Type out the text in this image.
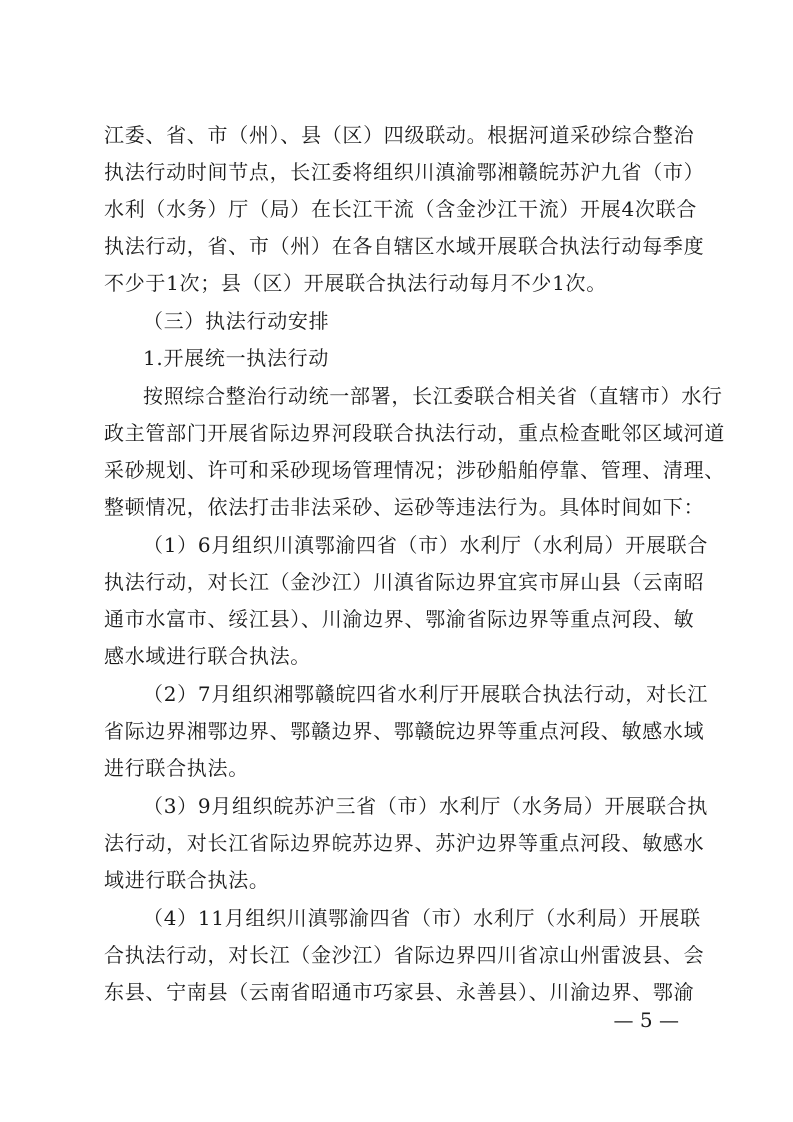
江委、省、市（州）、县（区）四级联动。根据河道采砂综合整治
执法行动时间节点，长江委将组织川滇渝鄂湘赣皖苏沪九省（市）
水利（水务）厅（局）在长江干流（含金沙江干流）开展4次联合
执法行动，省、市（州）在各自辖区水域开展联合执法行动每季度
不少于1次；县（区）开展联合执法行动每月不少1次。
（三）执法行动安排
1.开展统一执法行动
按照综合整治行动统一部署，长江委联合相关省（直辖市）水行
政主管部门开展省际边界河段联合执法行动，重点检查毗邻区域河道
采砂规划、许可和采砂现场管理情况；涉砂船舶停靠、管理、清理、
整顿情况，依法打击非法采砂、运砂等违法行为。具体时间如下：
（1）6月组织川滇鄂渝四省（市）水利厅（水利局）开展联合
执法行动，对长江（金沙江）川滇省际边界宜宾市屏山县（云南昭
通市水富市、绥江县）、川渝边界、鄂渝省际边界等重点河段、敏
感水域进行联合执法。
（2）7月组织湘鄂赣皖四省水利厅开展联合执法行动，对长江
省际边界湘鄂边界、鄂赣边界、鄂赣皖边界等重点河段、敏感水域
进行联合执法。
（3）9月组织皖苏沪三省（市）水利厅（水务局）开展联合执
法行动，对长江省际边界皖苏边界、苏沪边界等重点河段、敏感水
域进行联合执法。
（4）11月组织川滇鄂渝四省（市）水利厅（水利局）开展联
合执法行动，对长江（金沙江）省际边界四川省凉山州雷波县、会
东县、宁南县（云南省昭通市巧家县、永善县）、川渝边界、鄂渝
— 5 —
